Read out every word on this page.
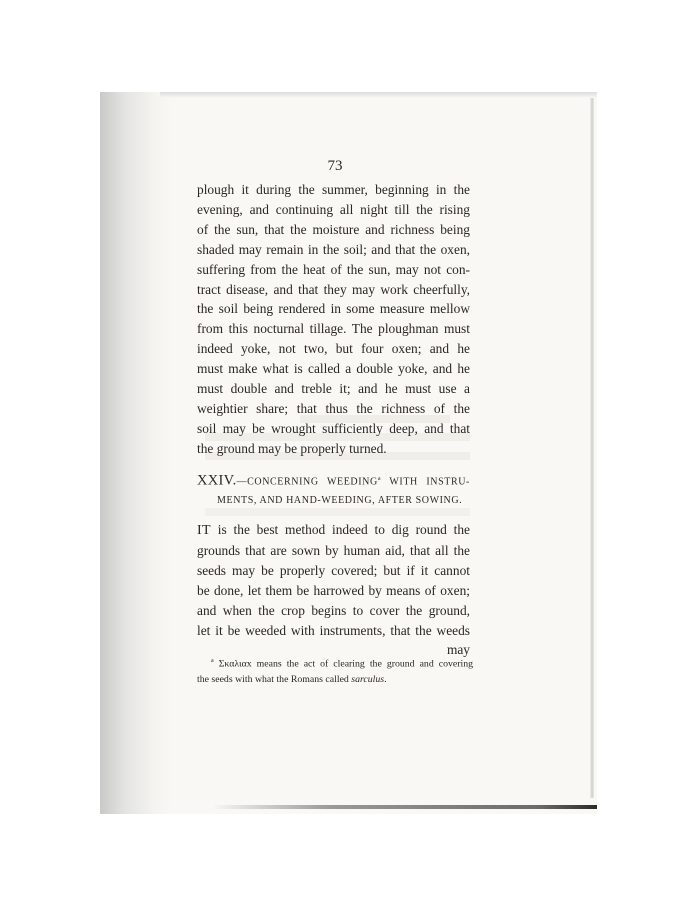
73
plough it during the summer, beginning in the
evening, and continuing all night till the rising
of the sun, that the moisture and richness being
shaded may remain in the soil; and that the oxen,
suffering from the heat of the sun, may not con-
tract disease, and that they may work cheerfully,
the soil being rendered in some measure mellow
from this nocturnal tillage. The ploughman must
indeed yoke, not two, but four oxen; and he
must make what is called a double yoke, and he
must double and treble it; and he must use a
weightier share; that thus the richness of the
soil may be wrought sufficiently deep, and that
the ground may be properly turned.
XXIV.—CONCERNING WEEDING$^a$ WITH INSTRU-
MENTS, AND HAND-WEEDING, AFTER SOWING.
IT is the best method indeed to dig round the
grounds that are sown by human aid, that all the
seeds may be properly covered; but if it cannot
be done, let them be harrowed by means of oxen;
and when the crop begins to cover the ground,
let it be weeded with instruments, that the weeds
may
$^a$ Σκαλιαx means the act of clearing the ground and covering
the seeds with what the Romans called sarculus.
